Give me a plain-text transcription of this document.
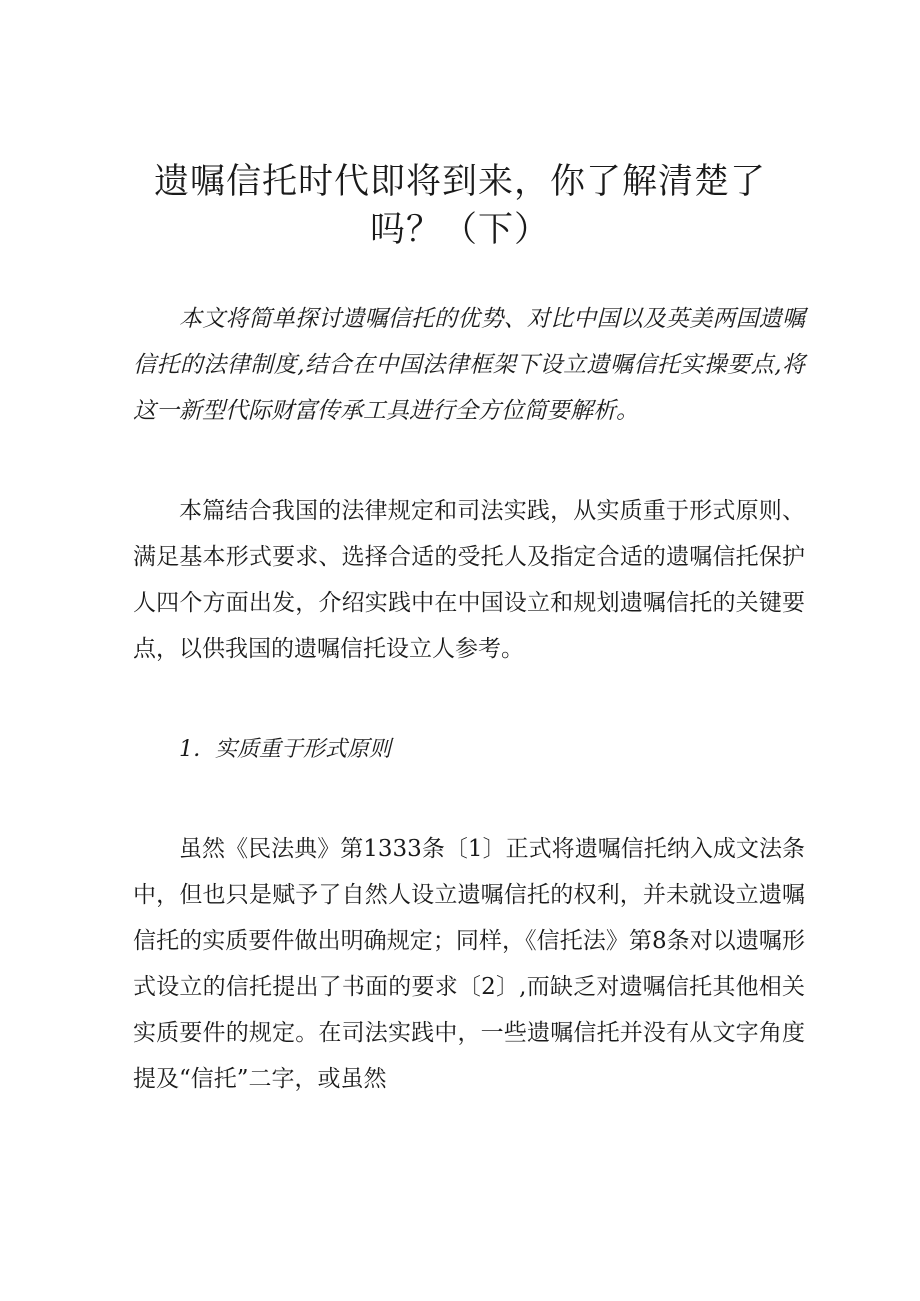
遗嘱信托时代即将到来，你了解清楚了
吗？（下）

本文将简单探讨遗嘱信托的优势、对比中国以及英美两国遗嘱信托的法律制度,结合在中国法律框架下设立遗嘱信托实操要点,将这一新型代际财富传承工具进行全方位简要解析。

本篇结合我国的法律规定和司法实践，从实质重于形式原则、满足基本形式要求、选择合适的受托人及指定合适的遗嘱信托保护人四个方面出发，介绍实践中在中国设立和规划遗嘱信托的关键要点，以供我国的遗嘱信托设立人参考。

1．实质重于形式原则

虽然《民法典》第1333条〔1〕正式将遗嘱信托纳入成文法条中，但也只是赋予了自然人设立遗嘱信托的权利，并未就设立遗嘱信托的实质要件做出明确规定；同样，《信托法》第8条对以遗嘱形式设立的信托提出了书面的要求〔2〕,而缺乏对遗嘱信托其他相关实质要件的规定。在司法实践中，一些遗嘱信托并没有从文字角度提及“信托”二字，或虽然
